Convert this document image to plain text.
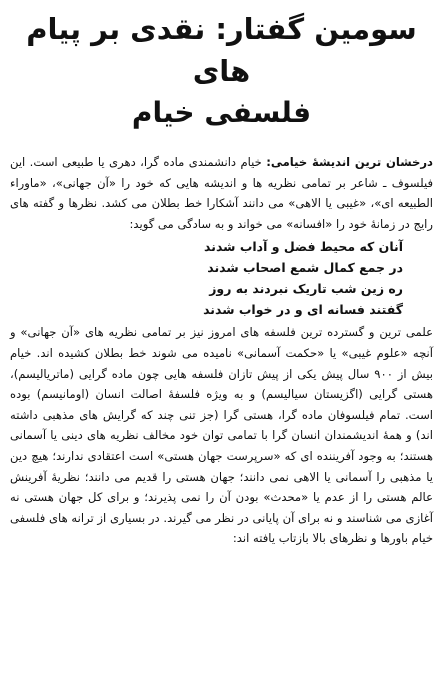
سومین گفتار: نقدی بر پیام های
فلسفی خیام

درخشان ترین اندیشهٔ خیامی: خیام دانشمندی ماده گرا، دهری یا طبیعی است. این فیلسوف ـ شاعر بر تمامی نظریه ها و اندیشه هایی که خود را «آن جهانی»، «ماوراء الطبیعه ای»، «غیبی یا الاهی» می دانند آشکارا خط بطلان می کشد. نظرها و گفته های رایج در زمانهٔ خود را «افسانه» می خواند و به سادگی می گوید:

آنان که محیط فضل و آداب شدند
در جمع کمال شمع اصحاب شدند
ره زین شب تاریک نبردند به روز
گفتند فسانه ای و در خواب شدند

علمی ترین و گسترده ترین فلسفه های امروز نیز بر تمامی نظریه های «آن جهانی» و آنچه «علوم غیبی» یا «حکمت آسمانی» نامیده می شوند خط بطلان کشیده اند. خیام بیش از ۹۰۰ سال پیش یکی از پیش تازان فلسفه هایی چون ماده گرایی (ماتریالیسم)، هستی گرایی (اگزیستان سیالیسم) و به ویژه فلسفهٔ اصالت انسان (اومانیسم) بوده است. تمام فیلسوفان ماده گرا، هستی گرا (جز تنی چند که گرایش های مذهبی داشته اند) و همهٔ اندیشمندان انسان گرا با تمامی توان خود مخالف نظریه های دینی یا آسمانی هستند؛ به وجود آفریننده ای که «سرپرست جهان هستی» است اعتقادی ندارند؛ هیچ دین یا مذهبی را آسمانی یا الاهی نمی دانند؛ جهان هستی را قدیم می دانند؛ نظریهٔ آفرینش عالم هستی را از عدم یا «محدث» بودن آن را نمی پذیرند؛ و برای کل جهان هستی نه آغازی می شناسند و نه برای آن پایانی در نظر می گیرند. در بسیاری از ترانه های فلسفی خیام باورها و نظرهای بالا بازتاب یافته اند:
